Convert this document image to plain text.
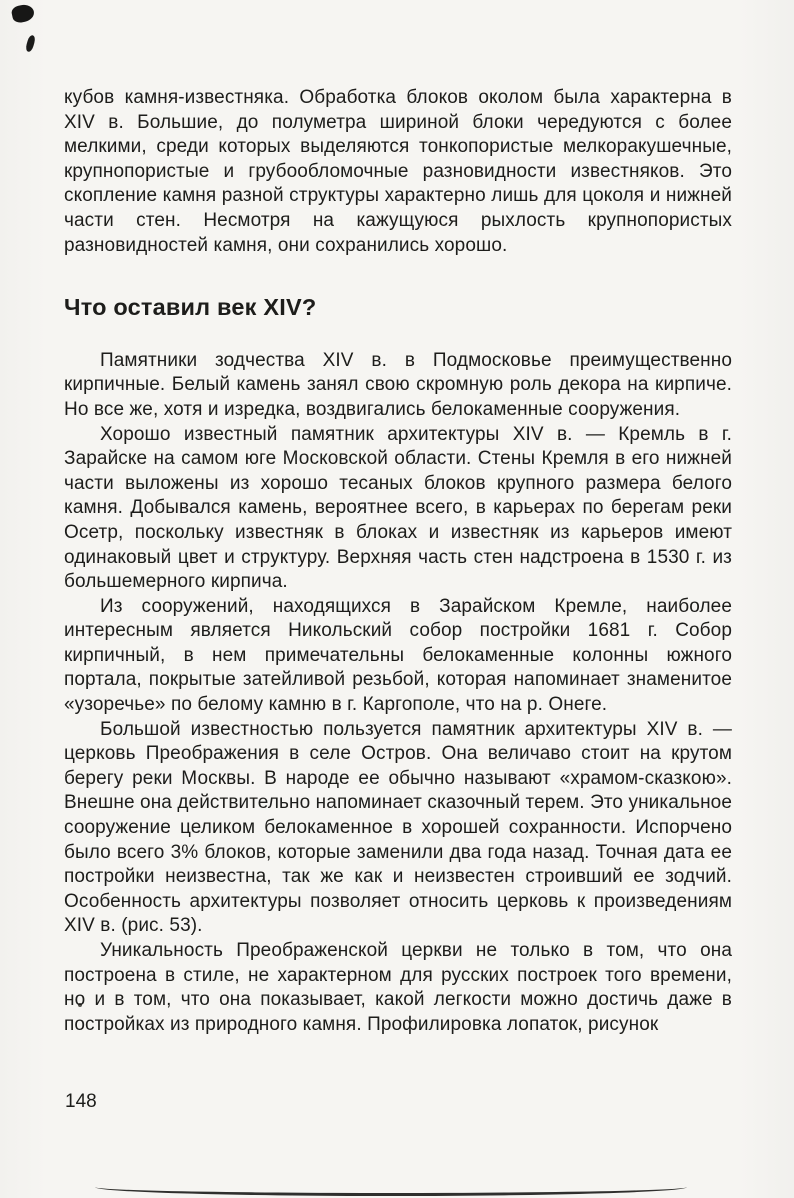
кубов камня-известняка. Обработка блоков околом была характерна в XIV в. Большие, до полуметра шириной блоки чередуются с более мелкими, среди которых выделяются тонкопористые мелкоракушечные, крупнопористые и грубообломочные разновидности известняков. Это скопление камня разной структуры характерно лишь для цоколя и нижней части стен. Несмотря на кажущуюся рыхлость крупнопористых разновидностей камня, они сохранились хорошо.

Что оставил век XIV?

Памятники зодчества XIV в. в Подмосковье преимущественно кирпичные. Белый камень занял свою скромную роль декора на кирпиче. Но все же, хотя и изредка, воздвигались белокаменные сооружения.

Хорошо известный памятник архитектуры XIV в. — Кремль в г. Зарайске на самом юге Московской области. Стены Кремля в его нижней части выложены из хорошо тесаных блоков крупного размера белого камня. Добывался камень, вероятнее всего, в карьерах по берегам реки Осетр, поскольку известняк в блоках и известняк из карьеров имеют одинаковый цвет и структуру. Верхняя часть стен надстроена в 1530 г. из большемерного кирпича.

Из сооружений, находящихся в Зарайском Кремле, наиболее интересным является Никольский собор постройки 1681 г. Собор кирпичный, в нем примечательны белокаменные колонны южного портала, покрытые затейливой резьбой, которая напоминает знаменитое «узоречье» по белому камню в г. Каргополе, что на р. Онеге.

Большой известностью пользуется памятник архитектуры XIV в. — церковь Преображения в селе Остров. Она величаво стоит на крутом берегу реки Москвы. В народе ее обычно называют «храмом-сказкою». Внешне она действительно напоминает сказочный терем. Это уникальное сооружение целиком белокаменное в хорошей сохранности. Испорчено было всего 3% блоков, которые заменили два года назад. Точная дата ее постройки неизвестна, так же как и неизвестен строивший ее зодчий. Особенность архитектуры позволяет относить церковь к произведениям XIV в. (рис. 53).

Уникальность Преображенской церкви не только в том, что она построена в стиле, не характерном для русских построек того времени, но и в том, что она показывает, какой легкости можно достичь даже в постройках из природного камня. Профилировка лопаток, рисунок

148
